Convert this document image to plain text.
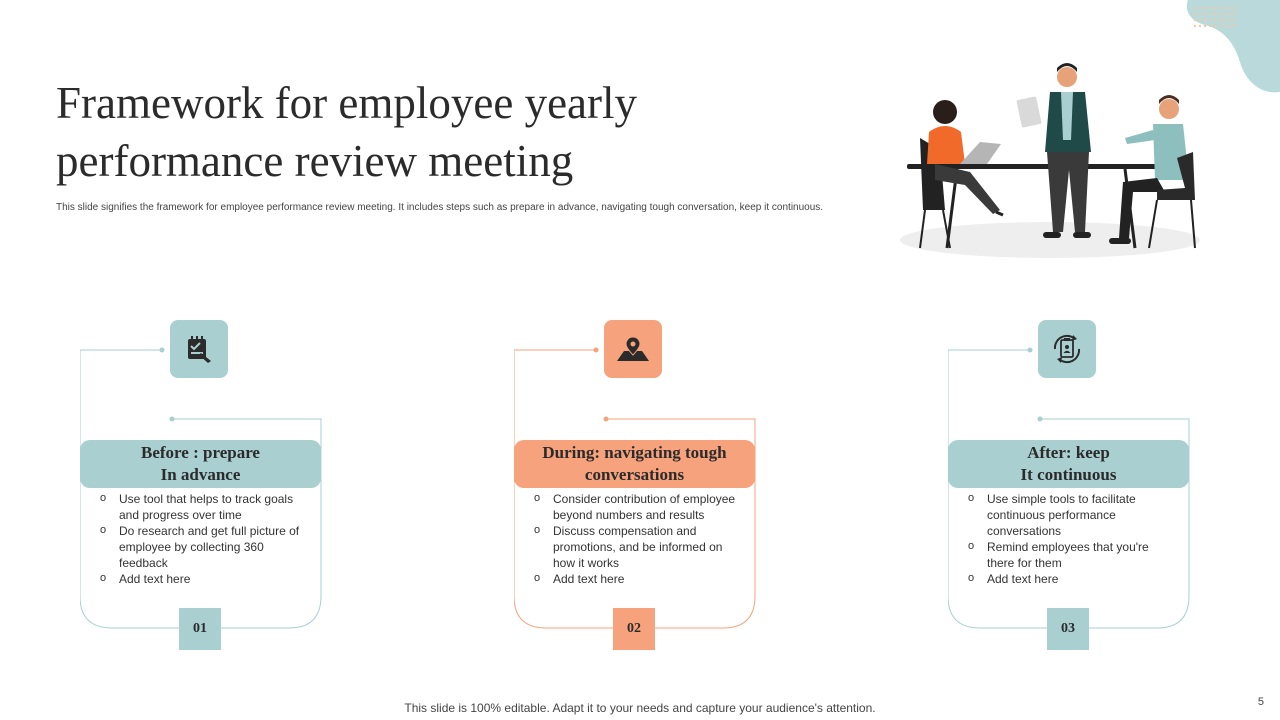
Framework for employee yearly performance review meeting
This slide signifies the framework for employee performance review meeting. It includes steps such as prepare in advance, navigating tough conversation, keep it continuous.
Before : prepare
In advance
o Use tool that helps to track goals and progress over time
o Do research and get full picture of employee by collecting 360 feedback
o Add text here
01
During: navigating tough
conversations
o Consider contribution of employee beyond numbers and results
o Discuss compensation and promotions, and be informed on how it works
o Add text here
02
After: keep
It continuous
o Use simple tools to facilitate continuous performance conversations
o Remind employees that you're there for them
o Add text here
03
This slide is 100% editable. Adapt it to your needs and capture your audience's attention.	5
